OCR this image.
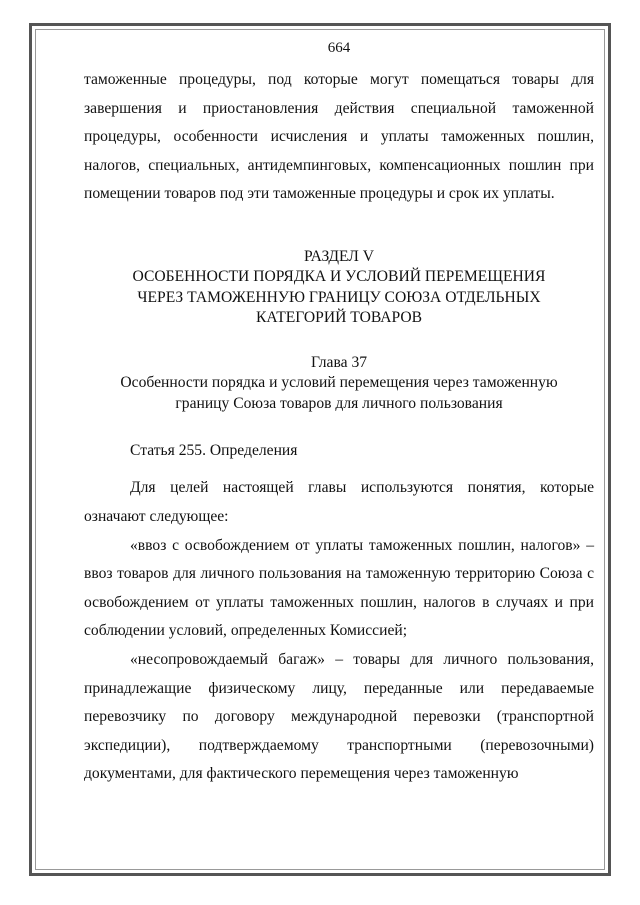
664

таможенные процедуры, под которые могут помещаться товары для завершения и приостановления действия специальной таможенной процедуры, особенности исчисления и уплаты таможенных пошлин, налогов, специальных, антидемпинговых, компенсационных пошлин при помещении товаров под эти таможенные процедуры и срок их уплаты.

РАЗДЕЛ V
ОСОБЕННОСТИ ПОРЯДКА И УСЛОВИЙ ПЕРЕМЕЩЕНИЯ
ЧЕРЕЗ ТАМОЖЕННУЮ ГРАНИЦУ СОЮЗА ОТДЕЛЬНЫХ
КАТЕГОРИЙ ТОВАРОВ
Глава 37
Особенности порядка и условий перемещения через таможенную
границу Союза товаров для личного пользования
Статья 255. Определения

Для целей настоящей главы используются понятия, которые означают следующее:

«ввоз с освобождением от уплаты таможенных пошлин, налогов» – ввоз товаров для личного пользования на таможенную территорию Союза с освобождением от уплаты таможенных пошлин, налогов в случаях и при соблюдении условий, определенных Комиссией;

«несопровождаемый багаж» – товары для личного пользования, принадлежащие физическому лицу, переданные или передаваемые перевозчику по договору международной перевозки (транспортной экспедиции), подтверждаемому транспортными (перевозочными) документами, для фактического перемещения через таможенную
